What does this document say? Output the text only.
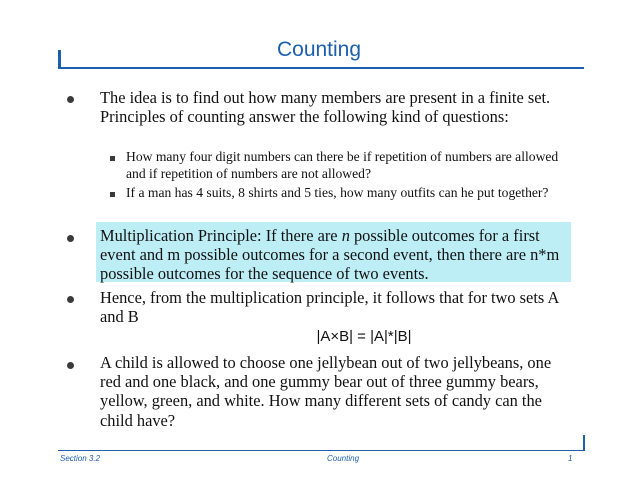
Counting
The idea is to find out how many members are present in a finite set. Principles of counting answer the following kind of questions:
How many four digit numbers can there be if repetition of numbers are allowed and if repetition of numbers are not allowed?
If a man has 4 suits, 8 shirts and 5 ties, how many outfits can he put together?
Multiplication Principle: If there are n possible outcomes for a first event and m possible outcomes for a second event, then there are n*m possible outcomes for the sequence of two events.
Hence, from the multiplication principle, it follows that for two sets A and B
|A×B| = |A|*|B|
A child is allowed to choose one jellybean out of two jellybeans, one red and one black, and one gummy bear out of three gummy bears, yellow, green, and white. How many different sets of candy can the child have?
Section 3.2	Counting	1
